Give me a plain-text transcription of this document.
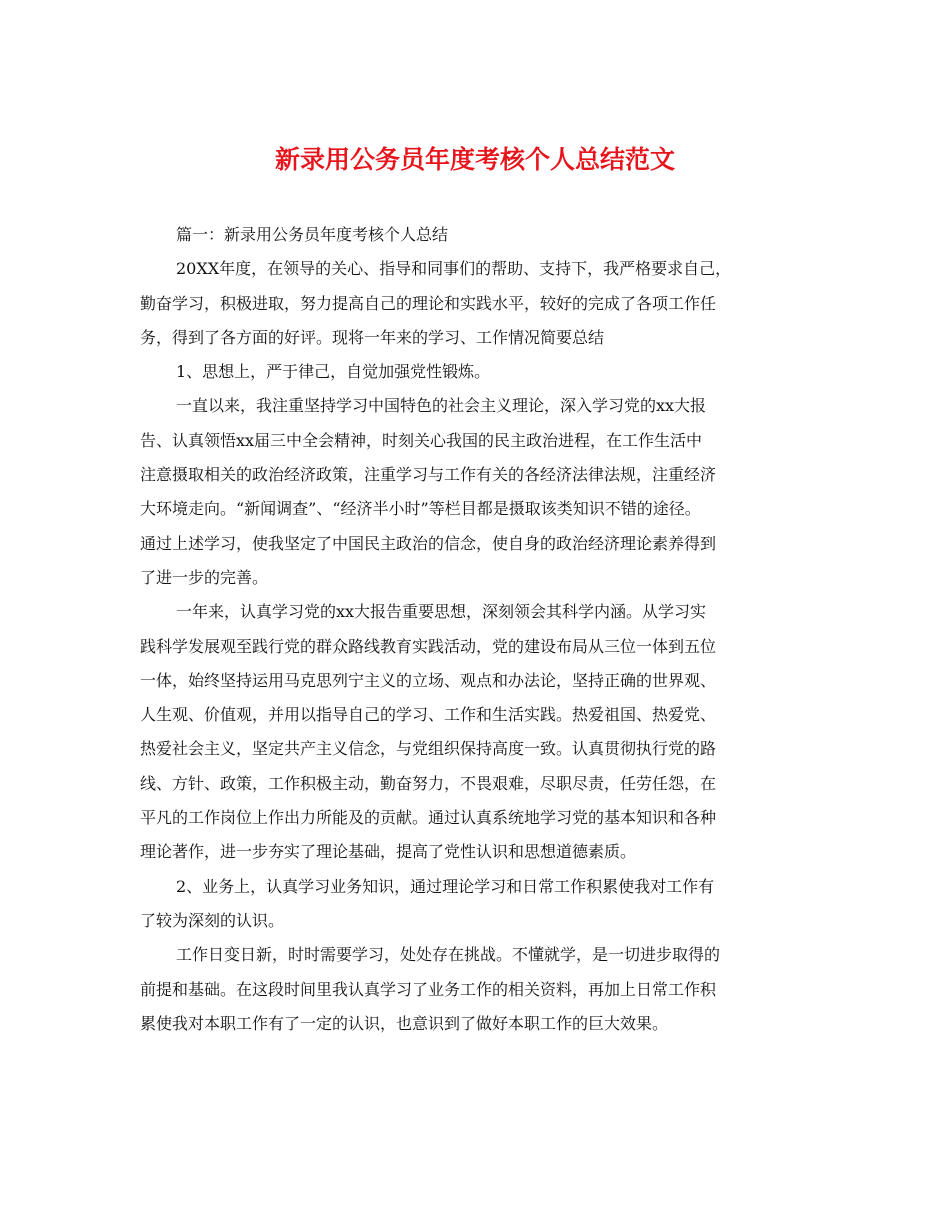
新录用公务员年度考核个人总结范文
篇一：新录用公务员年度考核个人总结
20XX年度，在领导的关心、指导和同事们的帮助、支持下，我严格要求自己，
勤奋学习，积极进取，努力提高自己的理论和实践水平，较好的完成了各项工作任
务，得到了各方面的好评。现将一年来的学习、工作情况简要总结
1、思想上，严于律己，自觉加强党性锻炼。
一直以来，我注重坚持学习中国特色的社会主义理论，深入学习党的xx大报
告、认真领悟xx届三中全会精神，时刻关心我国的民主政治进程，在工作生活中
注意摄取相关的政治经济政策，注重学习与工作有关的各经济法律法规，注重经济
大环境走向。“新闻调查”、“经济半小时”等栏目都是摄取该类知识不错的途径。
通过上述学习，使我坚定了中国民主政治的信念，使自身的政治经济理论素养得到
了进一步的完善。
一年来，认真学习党的xx大报告重要思想，深刻领会其科学内涵。从学习实
践科学发展观至践行党的群众路线教育实践活动，党的建设布局从三位一体到五位
一体，始终坚持运用马克思列宁主义的立场、观点和办法论，坚持正确的世界观、
人生观、价值观，并用以指导自己的学习、工作和生活实践。热爱祖国、热爱党、
热爱社会主义，坚定共产主义信念，与党组织保持高度一致。认真贯彻执行党的路
线、方针、政策，工作积极主动，勤奋努力，不畏艰难，尽职尽责，任劳任怨，在
平凡的工作岗位上作出力所能及的贡献。通过认真系统地学习党的基本知识和各种
理论著作，进一步夯实了理论基础，提高了党性认识和思想道德素质。
2、业务上，认真学习业务知识，通过理论学习和日常工作积累使我对工作有
了较为深刻的认识。
工作日变日新，时时需要学习，处处存在挑战。不懂就学，是一切进步取得的
前提和基础。在这段时间里我认真学习了业务工作的相关资料，再加上日常工作积
累使我对本职工作有了一定的认识，也意识到了做好本职工作的巨大效果。
